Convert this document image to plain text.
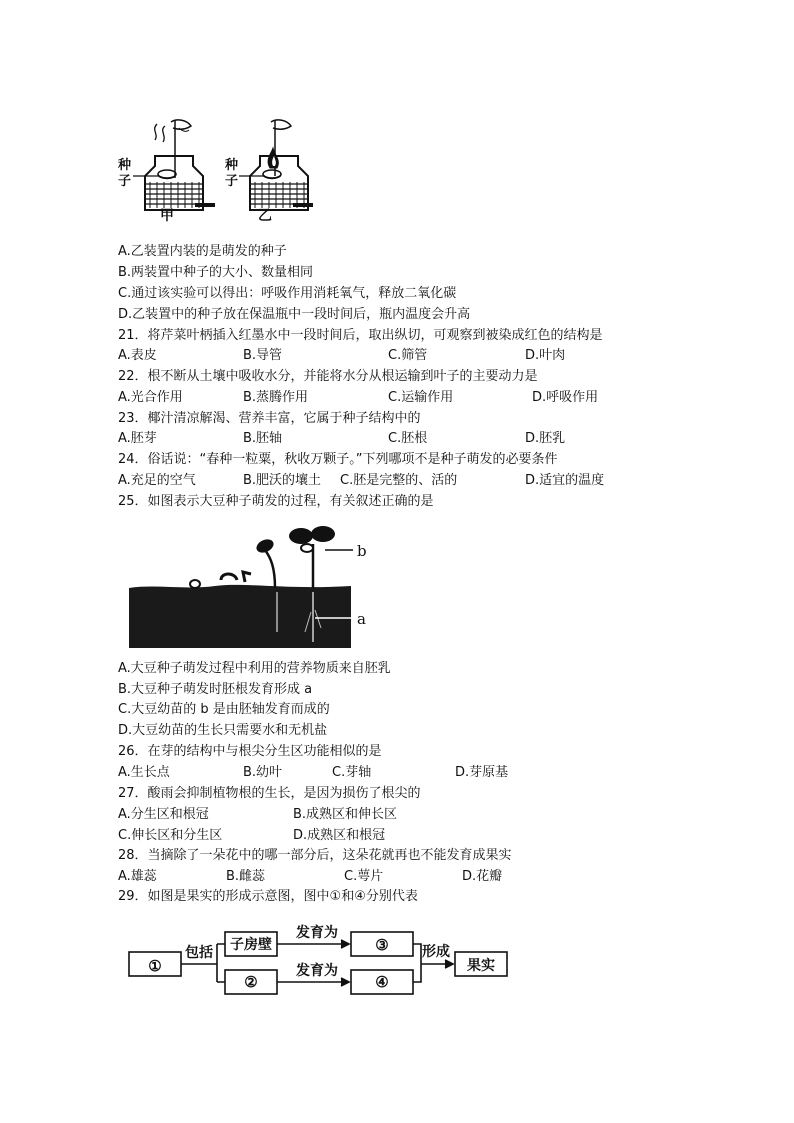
种子
种子
甲	乙
A.乙装置内装的是萌发的种子
B.两装置中种子的大小、数量相同
C.通过该实验可以得出：呼吸作用消耗氧气，释放二氧化碳
D.乙装置中的种子放在保温瓶中一段时间后，瓶内温度会升高
21．将芹菜叶柄插入红墨水中一段时间后，取出纵切，可观察到被染成红色的结构是
A.表皮	B.导管	C.筛管	D.叶肉
22．根不断从土壤中吸收水分，并能将水分从根运输到叶子的主要动力是
A.光合作用	B.蒸腾作用	C.运输作用	D.呼吸作用
23．椰汁清凉解渴、营养丰富，它属于种子结构中的
A.胚芽	B.胚轴	C.胚根	D.胚乳
24．俗话说：“春种一粒粟，秋收万颗子。”下列哪项不是种子萌发的必要条件
A.充足的空气	B.肥沃的壤土 C.胚是完整的、活的	D.适宜的温度
25．如图表示大豆种子萌发的过程，有关叙述正确的是
b
a
A.大豆种子萌发过程中利用的营养物质来自胚乳
B.大豆种子萌发时胚根发育形成 a
C.大豆幼苗的 b 是由胚轴发育而成的
D.大豆幼苗的生长只需要水和无机盐
26．在芽的结构中与根尖分生区功能相似的是
A.生长点	B.幼叶	C.芽轴	D.芽原基
27．酸雨会抑制植物根的生长，是因为损伤了根尖的
A.分生区和根冠	B.成熟区和伸长区
C.伸长区和分生区	D.成熟区和根冠
28．当摘除了一朵花中的哪一部分后，这朵花就再也不能发育成果实
A.雄蕊	B.雌蕊	C.萼片	D.花瓣
29．如图是果实的形成示意图，图中①和④分别代表
①
包括	子房壁
②
发育为
发育为
③
④
形成
果实
